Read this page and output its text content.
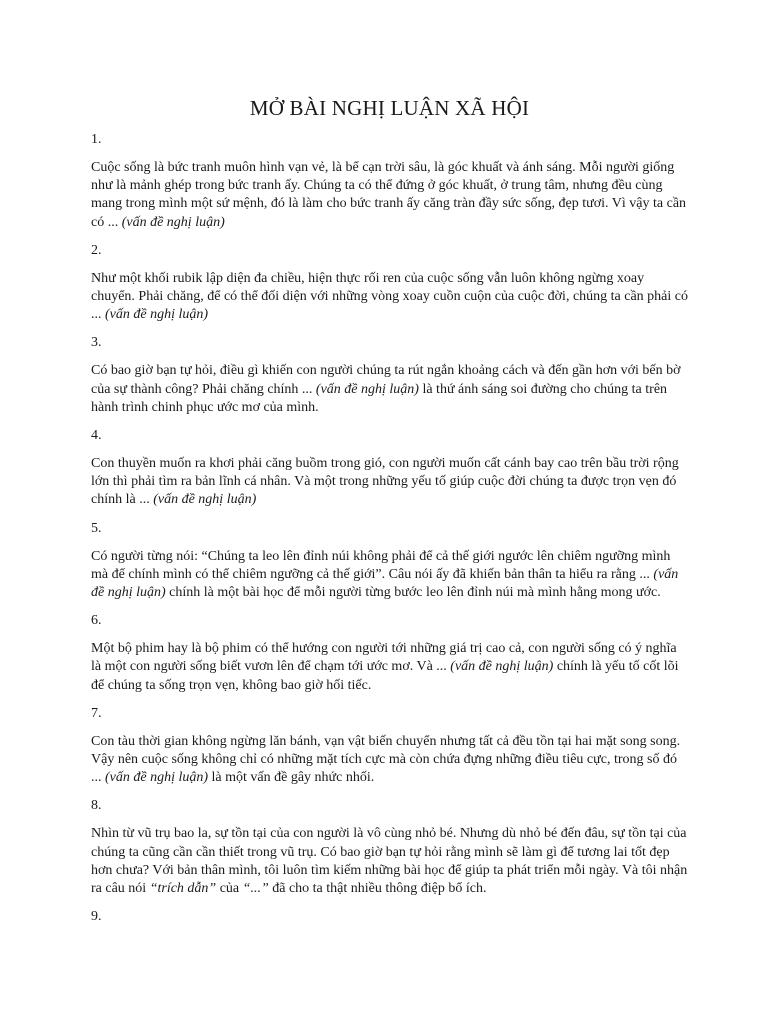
MỞ BÀI NGHỊ LUẬN XÃ HỘI

1.

Cuộc sống là bức tranh muôn hình vạn vẻ, là bể cạn trời sâu, là góc khuất và ánh sáng. Mỗi người giống như là mảnh ghép trong bức tranh ấy. Chúng ta có thể đứng ở góc khuất, ở trung tâm, nhưng đều cùng mang trong mình một sứ mệnh, đó là làm cho bức tranh ấy căng tràn đầy sức sống, đẹp tươi. Vì vậy ta cần có ... (vấn đề nghị luận)

2.

Như một khối rubik lập diện đa chiều, hiện thực rối ren của cuộc sống vẫn luôn không ngừng xoay chuyển. Phải chăng, để có thể đối diện với những vòng xoay cuồn cuộn của cuộc đời, chúng ta cần phải có ... (vấn đề nghị luận)

3.

Có bao giờ bạn tự hỏi, điều gì khiến con người chúng ta rút ngắn khoảng cách và đến gần hơn với bến bờ của sự thành công? Phải chăng chính ... (vấn đề nghị luận) là thứ ánh sáng soi đường cho chúng ta trên hành trình chinh phục ước mơ của mình.

4.

Con thuyền muốn ra khơi phải căng buồm trong gió, con người muốn cất cánh bay cao trên bầu trời rộng lớn thì phải tìm ra bản lĩnh cá nhân. Và một trong những yếu tố giúp cuộc đời chúng ta được trọn vẹn đó chính là ... (vấn đề nghị luận)

5.

Có người từng nói: “Chúng ta leo lên đỉnh núi không phải để cả thế giới ngước lên chiêm ngưỡng mình mà để chính mình có thể chiêm ngưỡng cả thế giới”. Câu nói ấy đã khiến bản thân ta hiểu ra rằng ... (vấn đề nghị luận) chính là một bài học để mỗi người từng bước leo lên đỉnh núi mà mình hằng mong ước.

6.

Một bộ phim hay là bộ phim có thể hướng con người tới những giá trị cao cả, con người sống có ý nghĩa là một con người sống biết vươn lên để chạm tới ước mơ. Và ... (vấn đề nghị luận) chính là yếu tố cốt lõi để chúng ta sống trọn vẹn, không bao giờ hối tiếc.

7.

Con tàu thời gian không ngừng lăn bánh, vạn vật biến chuyển nhưng tất cả đều tồn tại hai mặt song song. Vậy nên cuộc sống không chỉ có những mặt tích cực mà còn chứa đựng những điều tiêu cực, trong số đó ... (vấn đề nghị luận) là một vấn đề gây nhức nhối.

8.

Nhìn từ vũ trụ bao la, sự tồn tại của con người là vô cùng nhỏ bé. Nhưng dù nhỏ bé đến đâu, sự tồn tại của chúng ta cũng cần cần thiết trong vũ trụ. Có bao giờ bạn tự hỏi rằng mình sẽ làm gì để tương lai tốt đẹp hơn chưa? Với bản thân mình, tôi luôn tìm kiếm những bài học để giúp ta phát triển mỗi ngày. Và tôi nhận ra câu nói “trích dẫn” của “...” đã cho ta thật nhiều thông điệp bổ ích.

9.
